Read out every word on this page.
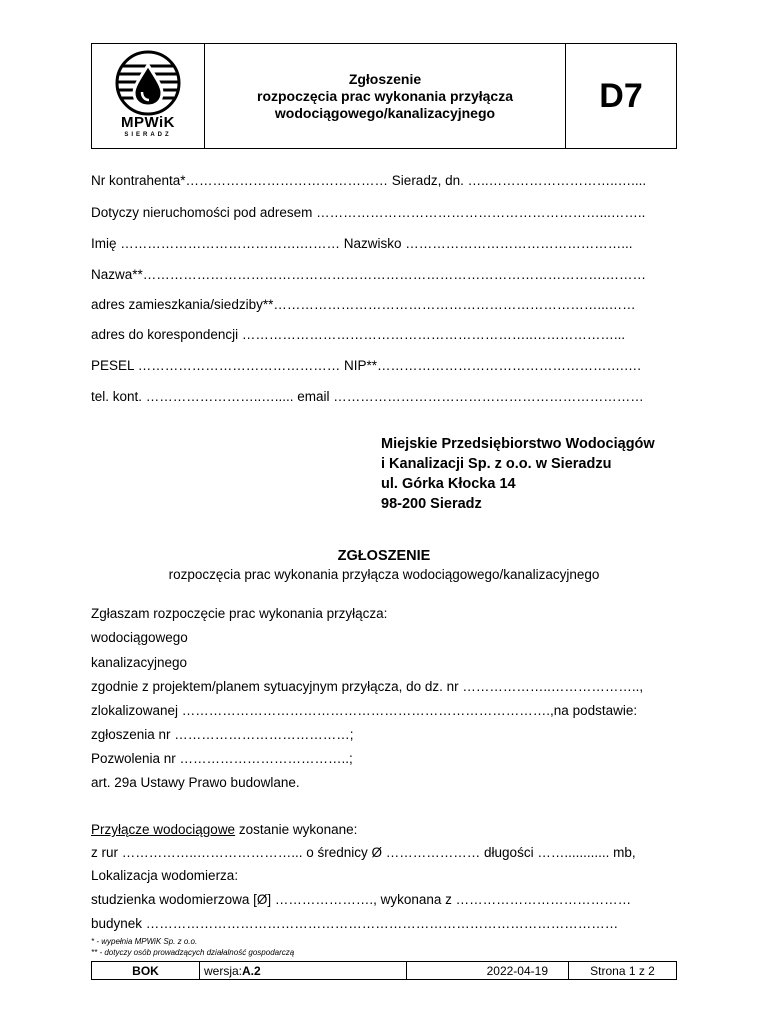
MPWiK
SIERADZ
Zgłoszenie
rozpoczęcia prac wykonania przyłącza
wodociągowego/kanalizacyjnego	D7
Nr kontrahenta*……………………………………… Sieradz, dn. …..………………………..…....
Dotyczy nieruchomości pod adresem ………………………………………………………...……..
Imię ………………………………….……… Nazwisko …………………………………………...
Nazwa**………………………………………………………………………………………….………
adres zamieszkania/siedziby**………………………………………………………………...……
adres do korespondencji ………………………………………………………..………………...
PESEL ……………………………………… NIP**……………………………………………….….
tel. kont. ……………………..…..... email ……………………………………………………………
Miejskie Przedsiębiorstwo Wodociągów
i Kanalizacji Sp. z o.o. w Sieradzu
ul. Górka Kłocka 14
98-200 Sieradz
ZGŁOSZENIE
rozpoczęcia prac wykonania przyłącza wodociągowego/kanalizacyjnego
Zgłaszam rozpoczęcie prac wykonania przyłącza:
wodociągowego
kanalizacyjnego
zgodnie z projektem/planem sytuacyjnym przyłącza, do dz. nr ………………..………………..,
zlokalizowanej ……………………………………………………………………….,na podstawie:
zgłoszenia nr …………………………………;
Pozwolenia nr ………………………………..;
art. 29a Ustawy Prawo budowlane.
Przyłącze wodociągowe zostanie wykonane:
z rur ……………..…………………... o średnicy Ø ………………… długości ……............ mb,
Lokalizacja wodomierza:
studzienka wodomierzowa [Ø] …………………., wykonana z …………………………………
budynek ……………………………………………………………………………………………
* - wypełnia MPWiK Sp. z o.o.
** - dotyczy osób prowadzących działalność gospodarczą
BOK	wersja: A.2	2022-04-19	Strona 1 z 2
